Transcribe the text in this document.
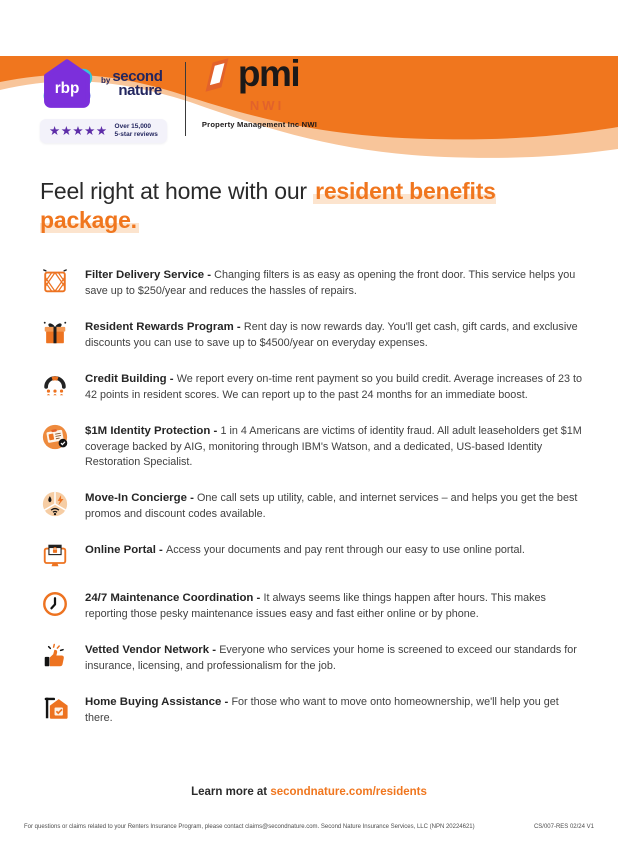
rbp	by second
nature
★★★★★ Over 15,000
5-star reviews
pmi
NWI
Property Management Inc NWI
Feel right at home with our resident benefits package.

Filter Delivery Service - Changing filters is as easy as opening the front door. This service helps you save up to $250/year and reduces the hassles of repairs.

Resident Rewards Program - Rent day is now rewards day. You'll get cash, gift cards, and exclusive discounts you can use to save up to $4500/year on everyday expenses.

Credit Building - We report every on-time rent payment so you build credit. Average increases of 23 to 42 points in resident scores. We can report up to the past 24 months for an immediate boost.

$1M Identity Protection - 1 in 4 Americans are victims of identity fraud. All adult leaseholders get $1M coverage backed by AIG, monitoring through IBM's Watson, and a dedicated, US-based Identity Restoration Specialist.

Move-In Concierge - One call sets up utility, cable, and internet services – and helps you get the best promos and discount codes available.

Online Portal - Access your documents and pay rent through our easy to use online portal.

24/7 Maintenance Coordination - It always seems like things happen after hours. This makes reporting those pesky maintenance issues easy and fast either online or by phone.

Vetted Vendor Network - Everyone who services your home is screened to exceed our standards for insurance, licensing, and professionalism for the job.

Home Buying Assistance - For those who want to move onto homeownership, we'll help you get there.

Learn more at secondnature.com/residents
For questions or claims related to your Renters Insurance Program, please contact claims@secondnature.com. Second Nature Insurance Services, LLC (NPN 20224621)	CS/007-RES 02/24 V1
